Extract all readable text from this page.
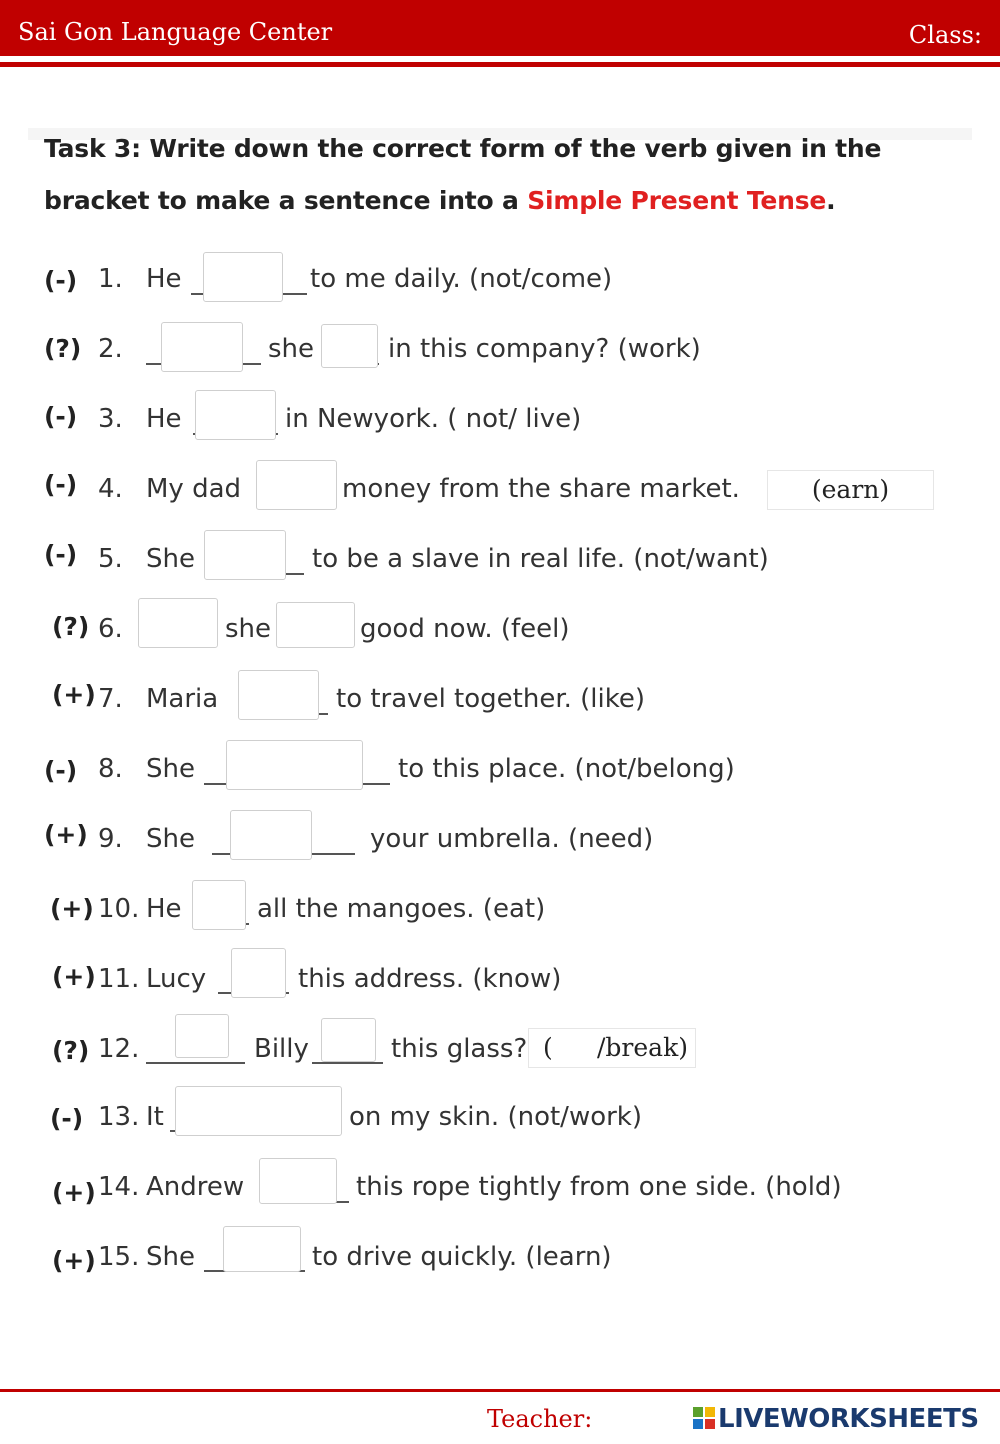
Sai Gon Language Center	Class:
Task 3: Write down the correct form of the verb given in the
bracket to make a sentence into a Simple Present Tense.
(-) 1. He	to me daily. (not/come)
(?) 2.	she	in this company? (work)
(-) 3. He	in Newyork. ( not/ live)
(-) 4. My dad	money from the share market.	(earn)
(-) 5. She	to be a slave in real life. (not/want)
(?) 6.	she	good now. (feel)
(+) 7. Maria	to travel together. (like)
(-) 8. She	to this place. (not/belong)
(+) 9. She	your umbrella. (need)
(+) 10. He	all the mangoes. (eat)
(+) 11. Lucy	this address. (know)
(?) 12.	Billy	this glass? ( /break)
(-) 13. It	on my skin. (not/work)
(+) 14. Andrew	this rope tightly from one side. (hold)
(+) 15. She	to drive quickly. (learn)
Teacher:	LIVEWORKSHEETS
